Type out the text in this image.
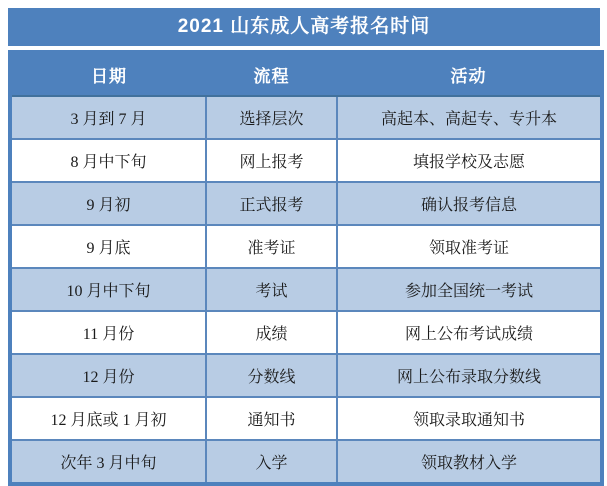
2021 山东成人高考报名时间
日期	流程	活动
3 月到 7 月	选择层次	高起本、高起专、专升本
8 月中下旬	网上报考	填报学校及志愿
9 月初	正式报考	确认报考信息
9 月底	准考证	领取准考证
10 月中下旬	考试	参加全国统一考试
11 月份	成绩	网上公布考试成绩
12 月份	分数线	网上公布录取分数线
12 月底或 1 月初	通知书	领取录取通知书
次年 3 月中旬	入学	领取教材入学
